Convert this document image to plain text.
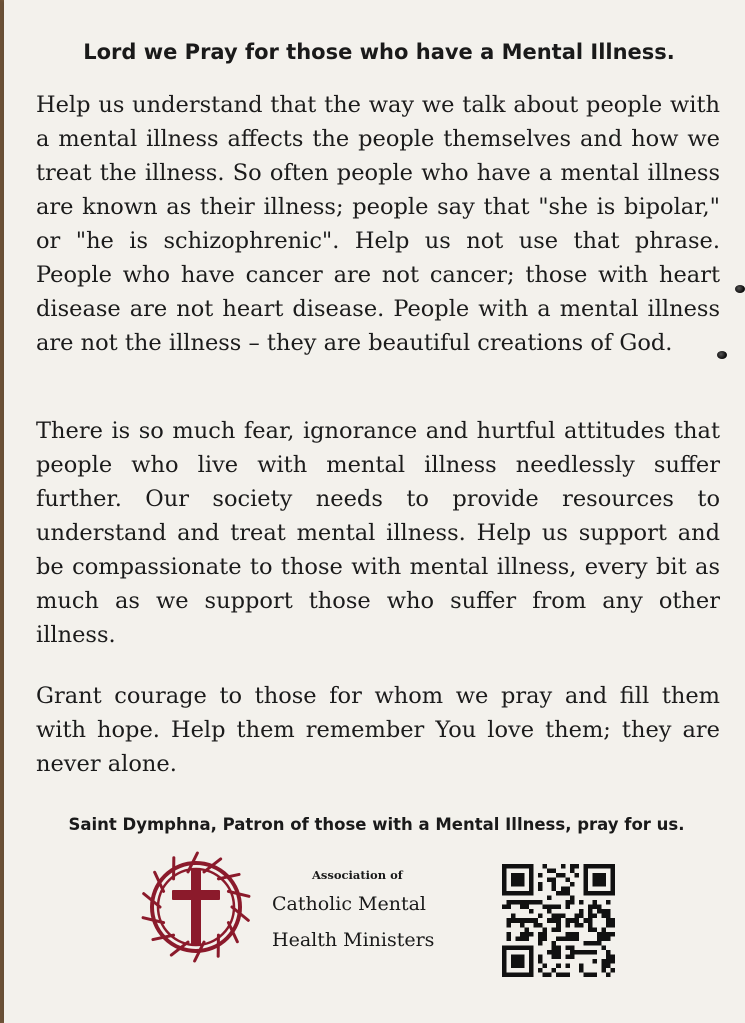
Lord we Pray for those who have a Mental Illness.
Help us understand that the way we talk about people with a mental illness affects the people themselves and how we treat the illness. So often people who have a mental illness are known as their illness; people say that "she is bipolar," or "he is schizophrenic". Help us not use that phrase. People who have cancer are not cancer; those with heart disease are not heart disease. People with a mental illness are not the illness – they are beautiful creations of God.
There is so much fear, ignorance and hurtful attitudes that people who live with mental illness needlessly suffer further. Our society needs to provide resources to understand and treat mental illness. Help us support and be compassionate to those with mental illness, every bit as much as we support those who suffer from any other illness.
Grant courage to those for whom we pray and fill them with hope. Help them remember You love them; they are never alone.
Saint Dymphna, Patron of those with a Mental Illness, pray for us.
Association of
Catholic Mental
Health Ministers
